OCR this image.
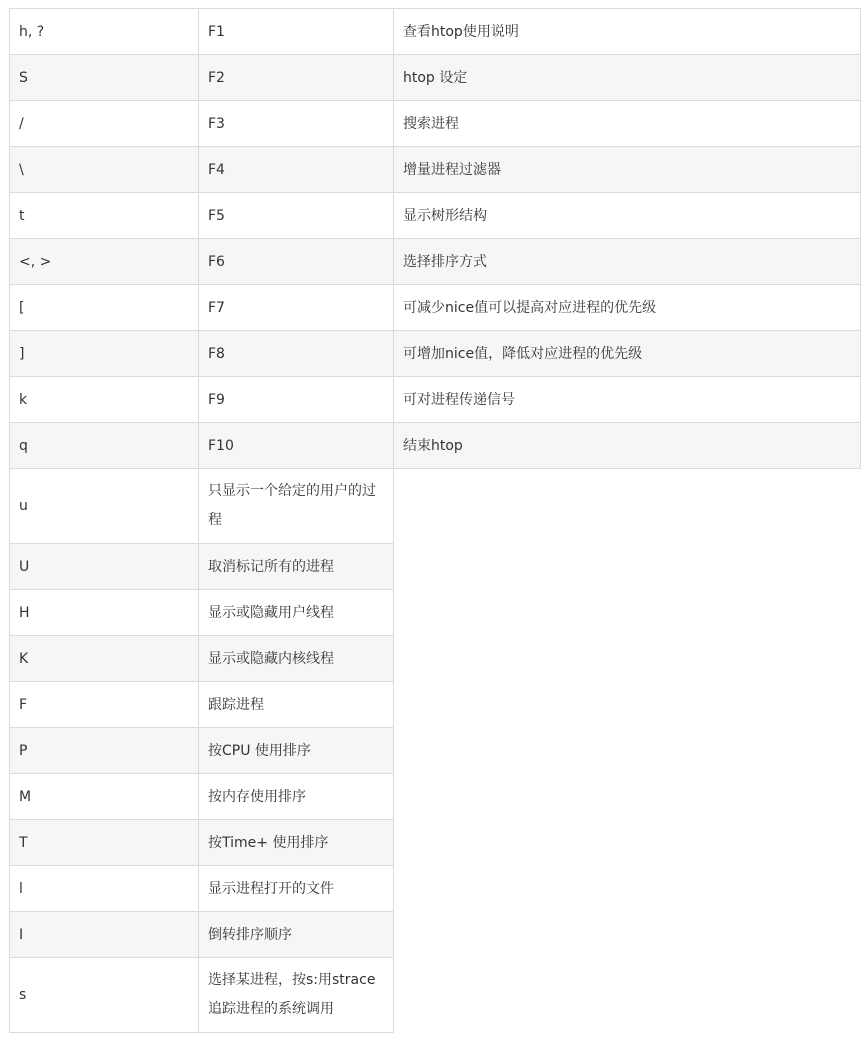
h, ?	F1	查看htop使用说明
S	F2	htop 设定
/	F3	搜索进程
\	F4	增量进程过滤器
t	F5	显示树形结构
<, >	F6	选择排序方式
[	F7	可减少nice值可以提高对应进程的优先级
]	F8	可增加nice值，降低对应进程的优先级
k	F9	可对进程传递信号
q	F10	结束htop
u	只显示一个给定的用户的过程	
U	取消标记所有的进程	
H	显示或隐藏用户线程	
K	显示或隐藏内核线程	
F	跟踪进程	
P	按CPU 使用排序	
M	按内存使用排序	
T	按Time+ 使用排序	
l	显示进程打开的文件	
I	倒转排序顺序	
s	选择某进程，按s:用strace追踪进程的系统调用	
